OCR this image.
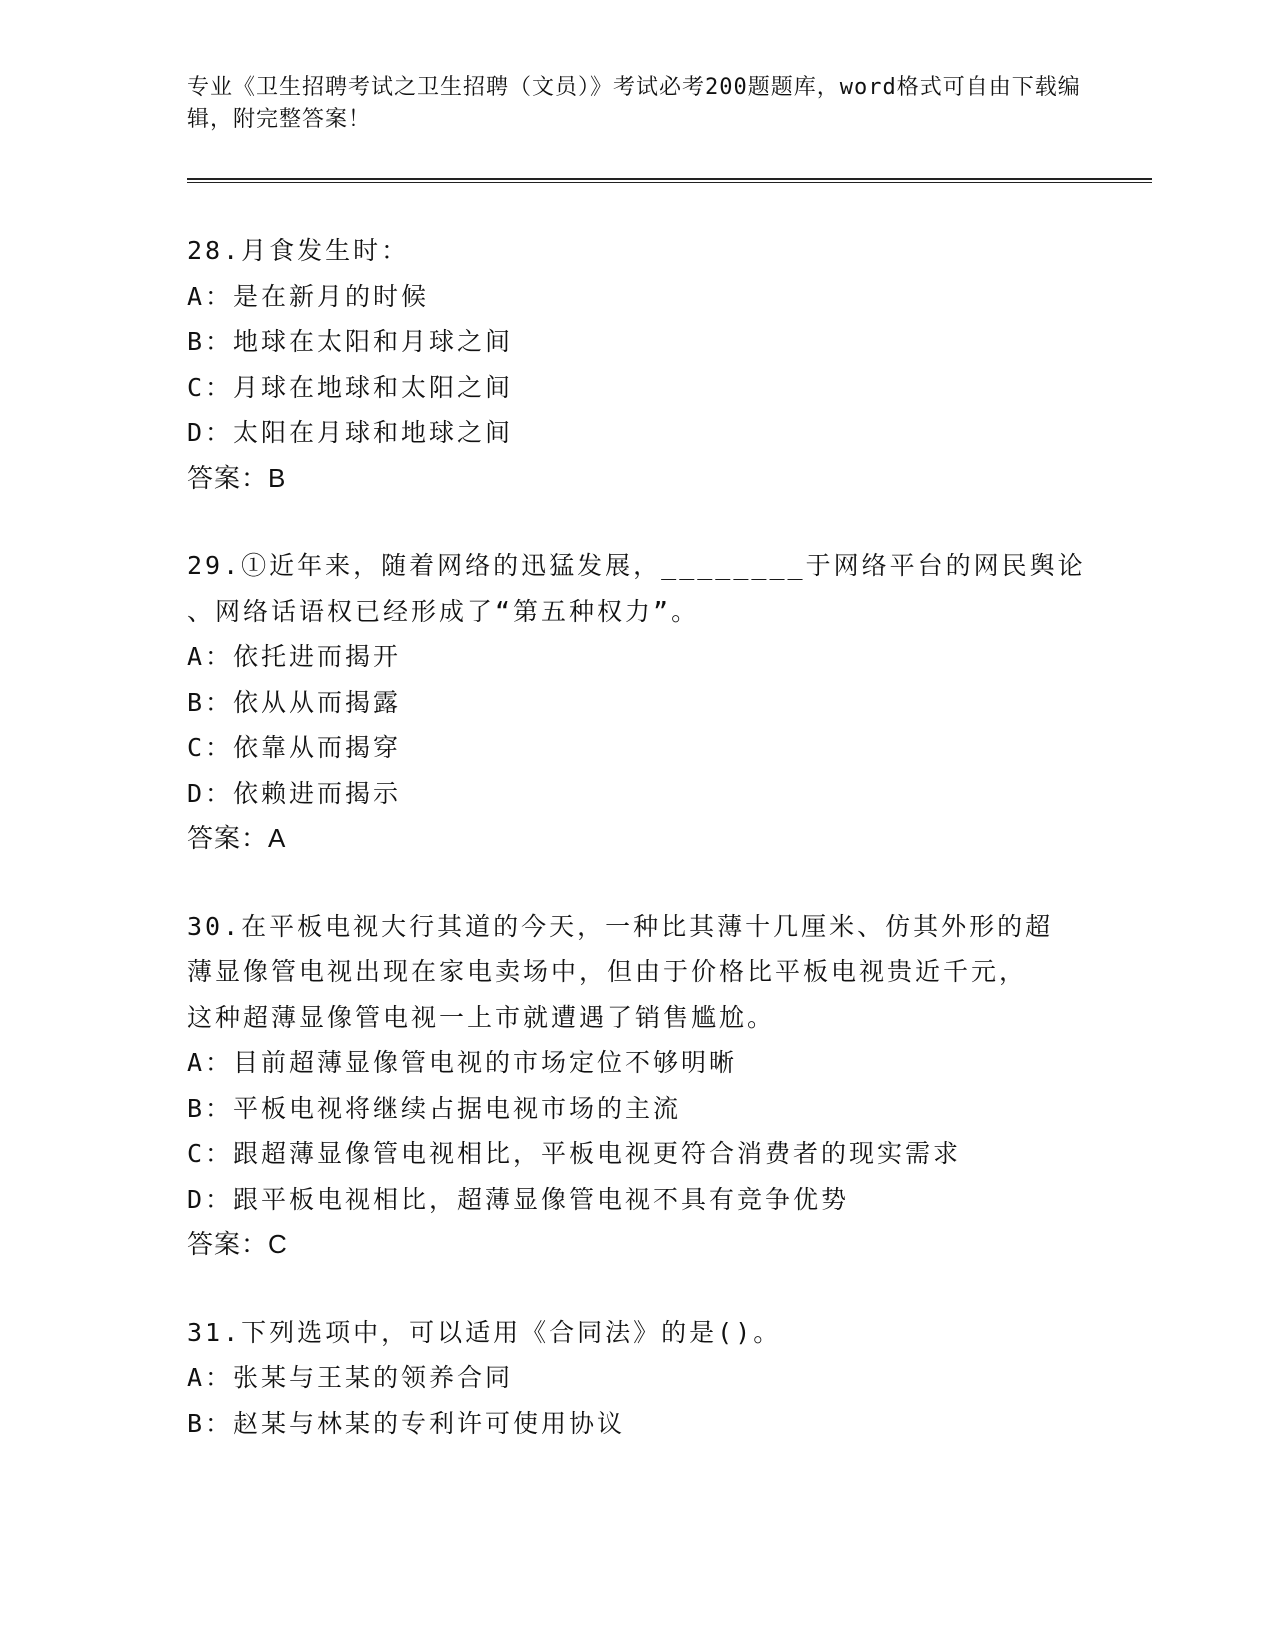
专业《卫生招聘考试之卫生招聘（文员）》考试必考200题题库，word格式可自由下载编辑，附完整答案！

28.月食发生时：

A：是在新月的时候

B：地球在太阳和月球之间

C：月球在地球和太阳之间

D：太阳在月球和地球之间

答案：B

29.①近年来，随着网络的迅猛发展，________于网络平台的网民舆论

、网络话语权已经形成了“第五种权力”。

A：依托进而揭开

B：依从从而揭露

C：依靠从而揭穿

D：依赖进而揭示

答案：A

30.在平板电视大行其道的今天，一种比其薄十几厘米、仿其外形的超

薄显像管电视出现在家电卖场中，但由于价格比平板电视贵近千元，

这种超薄显像管电视一上市就遭遇了销售尴尬。

A：目前超薄显像管电视的市场定位不够明晰

B：平板电视将继续占据电视市场的主流

C：跟超薄显像管电视相比，平板电视更符合消费者的现实需求

D：跟平板电视相比，超薄显像管电视不具有竞争优势

答案：C

31.下列选项中，可以适用《合同法》的是()。

A：张某与王某的领养合同

B：赵某与林某的专利许可使用协议
